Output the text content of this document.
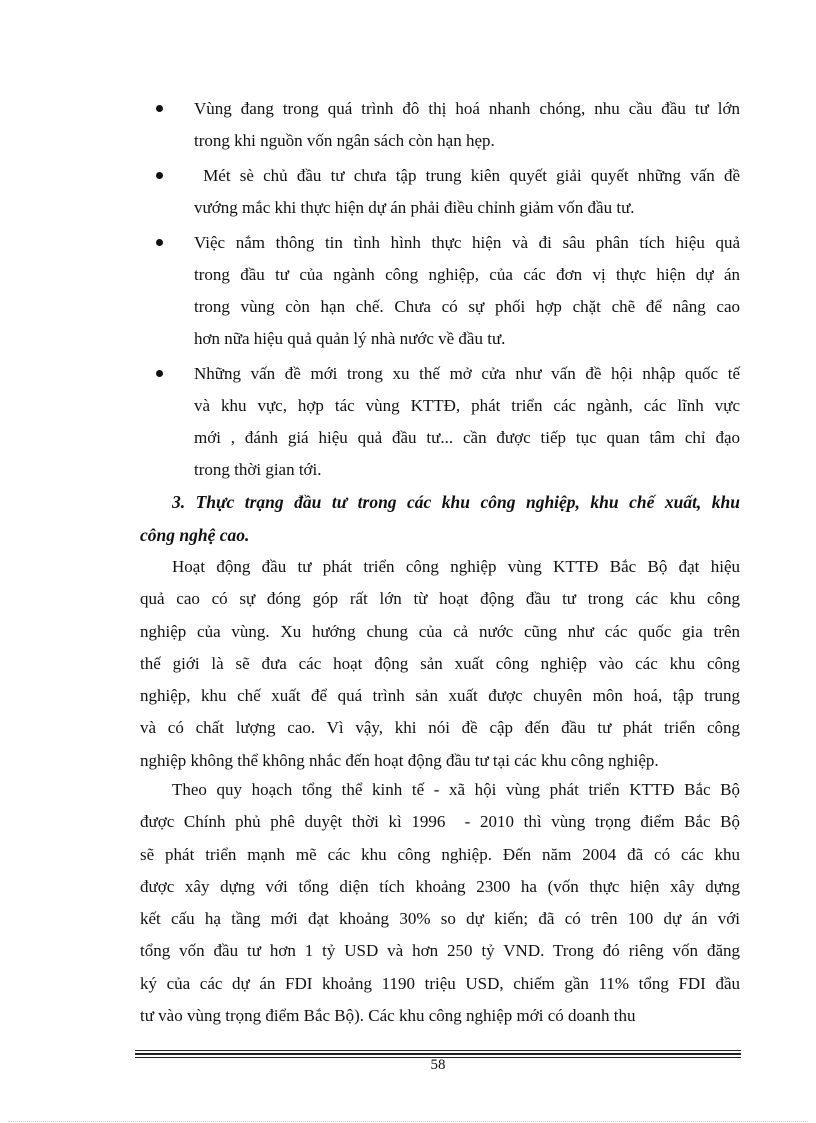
Vùng đang trong quá trình đô thị hoá nhanh chóng, nhu cầu đầu tư lớn
trong khi nguồn vốn ngân sách còn hạn hẹp.
Mét sè chủ đầu tư chưa tập trung kiên quyết giải quyết những vấn đề
vướng mắc khi thực hiện dự án phải điều chỉnh giảm vốn đầu tư.
Việc nắm thông tin tình hình thực hiện và đi sâu phân tích hiệu quả
trong đầu tư của ngành công nghiệp, của các đơn vị thực hiện dự án
trong vùng còn hạn chế. Chưa có sự phối hợp chặt chẽ để nâng cao
hơn nữa hiệu quả quản lý nhà nước về đầu tư.
Những vấn đề mới trong xu thế mở cửa như vấn đề hội nhập quốc tế
và khu vực, hợp tác vùng KTTĐ, phát triển các ngành, các lĩnh vực
mới , đánh giá hiệu quả đầu tư... cần được tiếp tục quan tâm chỉ đạo
trong thời gian tới.
3. Thực trạng đầu tư trong các khu công nghiệp, khu chế xuất, khu
công nghệ cao.
Hoạt động đầu tư phát triển công nghiệp vùng KTTĐ Bắc Bộ đạt hiệu
quả cao có sự đóng góp rất lớn từ hoạt động đầu tư trong các khu công
nghiệp của vùng. Xu hướng chung của cả nước cũng như các quốc gia trên
thế giới là sẽ đưa các hoạt động sản xuất công nghiệp vào các khu công
nghiệp, khu chế xuất để quá trình sản xuất được chuyên môn hoá, tập trung
và có chất lượng cao. Vì vậy, khi nói đề cập đến đầu tư phát triển công
nghiệp không thể không nhắc đến hoạt động đầu tư tại các khu công nghiệp.
Theo quy hoạch tổng thể kinh tế - xã hội vùng phát triển KTTĐ Bắc Bộ
được Chính phủ phê duyệt thời kì 1996  - 2010 thì vùng trọng điểm Bắc Bộ
sẽ phát triển mạnh mẽ các khu công nghiệp. Đến năm 2004 đã có các khu
được xây dựng với tổng diện tích khoảng 2300 ha (vốn thực hiện xây dựng
kết cấu hạ tầng mới đạt khoảng 30% so dự kiến; đã có trên 100 dự án với
tổng vốn đầu tư hơn 1 tỷ USD và hơn 250 tỷ VND. Trong đó riêng vốn đăng
ký của các dự án FDI khoảng 1190 triệu USD, chiếm gần 11% tổng FDI đầu
tư vào vùng trọng điểm Bắc Bộ). Các khu công nghiệp mới có doanh thu
58
